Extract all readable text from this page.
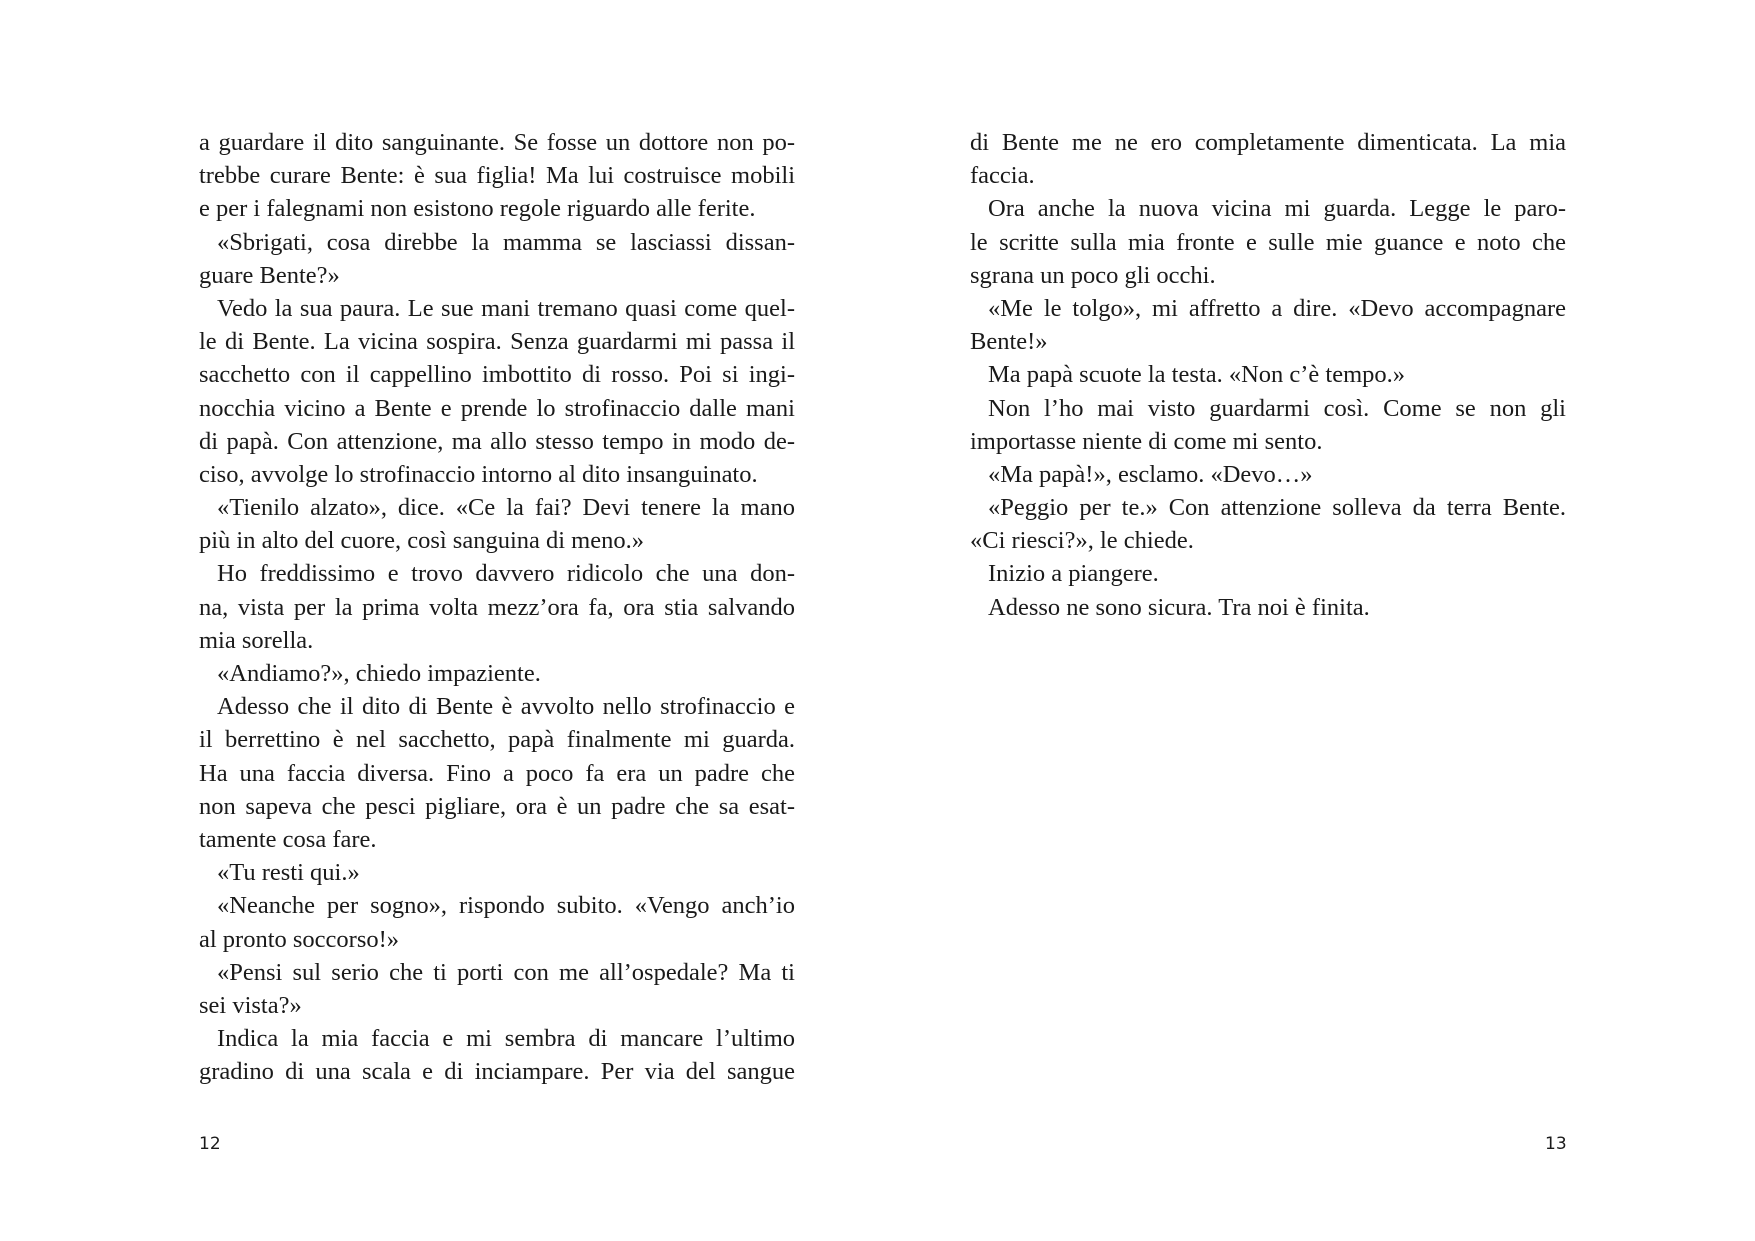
a guardare il dito sanguinante. Se fosse un dottore non po-
trebbe curare Bente: è sua figlia! Ma lui costruisce mobili
e per i falegnami non esistono regole riguardo alle ferite.
«Sbrigati, cosa direbbe la mamma se lasciassi dissan-
guare Bente?»
Vedo la sua paura. Le sue mani tremano quasi come quel-
le di Bente. La vicina sospira. Senza guardarmi mi passa il
sacchetto con il cappellino imbottito di rosso. Poi si ingi-
nocchia vicino a Bente e prende lo strofinaccio dalle mani
di papà. Con attenzione, ma allo stesso tempo in modo de-
ciso, avvolge lo strofinaccio intorno al dito insanguinato.
«Tienilo alzato», dice. «Ce la fai? Devi tenere la mano
più in alto del cuore, così sanguina di meno.»
Ho freddissimo e trovo davvero ridicolo che una don-
na, vista per la prima volta mezz’ora fa, ora stia salvando
mia sorella.
«Andiamo?», chiedo impaziente.
Adesso che il dito di Bente è avvolto nello strofinaccio e
il berrettino è nel sacchetto, papà finalmente mi guarda.
Ha una faccia diversa. Fino a poco fa era un padre che
non sapeva che pesci pigliare, ora è un padre che sa esat-
tamente cosa fare.
«Tu resti qui.»
«Neanche per sogno», rispondo subito. «Vengo anch’io
al pronto soccorso!»
«Pensi sul serio che ti porti con me all’ospedale? Ma ti
sei vista?»
Indica la mia faccia e mi sembra di mancare l’ultimo
gradino di una scala e di inciampare. Per via del sangue
di Bente me ne ero completamente dimenticata. La mia
faccia.
Ora anche la nuova vicina mi guarda. Legge le paro-
le scritte sulla mia fronte e sulle mie guance e noto che
sgrana un poco gli occhi.
«Me le tolgo», mi affretto a dire. «Devo accompagnare
Bente!»
Ma papà scuote la testa. «Non c’è tempo.»
Non l’ho mai visto guardarmi così. Come se non gli
importasse niente di come mi sento.
«Ma papà!», esclamo. «Devo…»
«Peggio per te.» Con attenzione solleva da terra Bente.
«Ci riesci?», le chiede.
Inizio a piangere.
Adesso ne sono sicura. Tra noi è finita.
12	13
